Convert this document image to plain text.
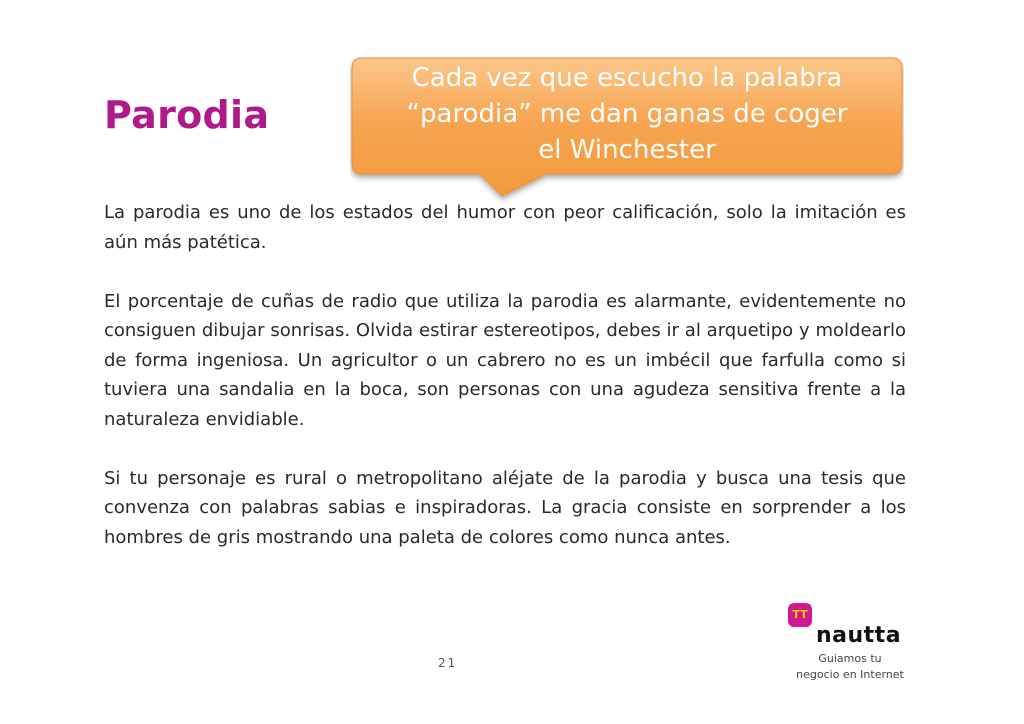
Parodia
Cada vez que escucho la palabra
“parodia” me dan ganas de coger
el Winchester

La parodia es uno de los estados del humor con peor calificación, solo la imitación es aún más patética.

El porcentaje de cuñas de radio que utiliza la parodia es alarmante, evidentemente no consiguen dibujar sonrisas. Olvida estirar estereotipos, debes ir al arquetipo y moldearlo de forma ingeniosa. Un agricultor o un cabrero no es un imbécil que farfulla como si tuviera una sandalia en la boca, son personas con una agudeza sensitiva frente a la naturaleza envidiable.

Si tu personaje es rural o metropolitano aléjate de la parodia y busca una tesis que convenza con palabras sabias e inspiradoras. La gracia consiste en sorprender a los hombres de gris mostrando una paleta de colores como nunca antes.

21
TT
nautta
Guiamos tu
negocio en Internet
